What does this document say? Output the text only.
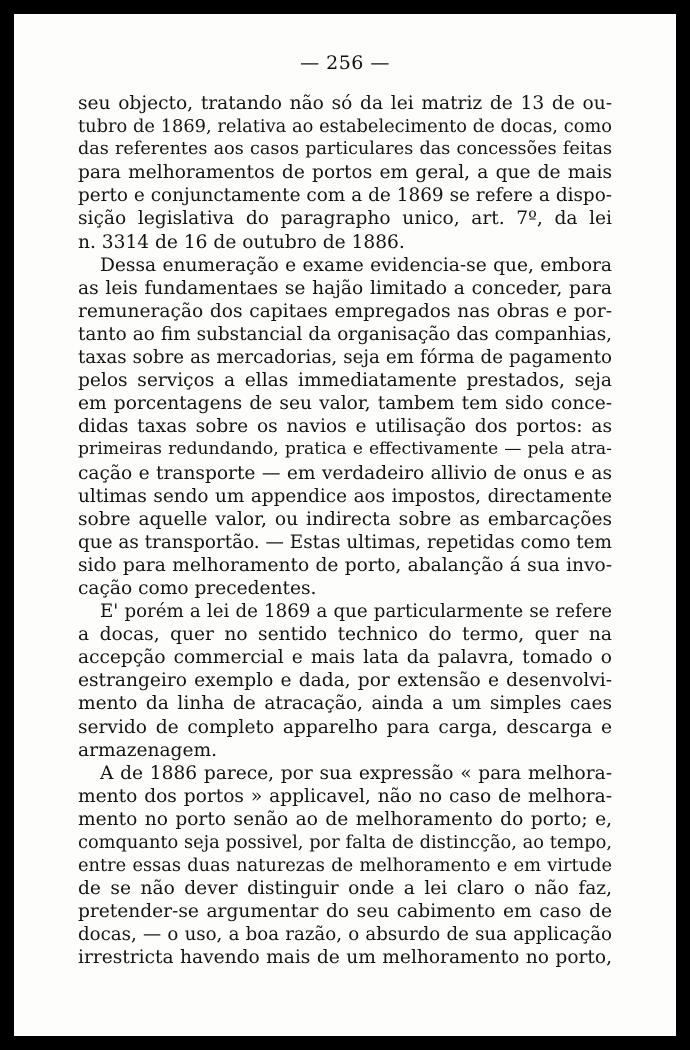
— 256 —
seu objecto, tratando não só da lei matriz de 13 de ou-
tubro de 1869, relativa ao estabelecimento de docas, como
das referentes aos casos particulares das concessões feitas
para melhoramentos de portos em geral, a que de mais
perto e conjunctamente com a de 1869 se refere a dispo-
sição legislativa do paragrapho unico, art. 7º, da lei
n. 3314 de 16 de outubro de 1886.
Dessa enumeração e exame evidencia-se que, embora
as leis fundamentaes se hajão limitado a conceder, para
remuneração dos capitaes empregados nas obras e por-
tanto ao fim substancial da organisação das companhias,
taxas sobre as mercadorias, seja em fórma de pagamento
pelos serviços a ellas immediatamente prestados, seja
em porcentagens de seu valor, tambem tem sido conce-
didas taxas sobre os navios e utilisação dos portos: as
primeiras redundando, pratica e effectivamente — pela atra-
cação e transporte — em verdadeiro allivio de onus e as
ultimas sendo um appendice aos impostos, directamente
sobre aquelle valor, ou indirecta sobre as embarcações
que as transportão. — Estas ultimas, repetidas como tem
sido para melhoramento de porto, abalanção á sua invo-
cação como precedentes.
E' porém a lei de 1869 a que particularmente se refere
a docas, quer no sentido technico do termo, quer na
accepção commercial e mais lata da palavra, tomado o
estrangeiro exemplo e dada, por extensão e desenvolvi-
mento da linha de atracação, ainda a um simples caes
servido de completo apparelho para carga, descarga e
armazenagem.
A de 1886 parece, por sua expressão « para melhora-
mento dos portos » applicavel, não no caso de melhora-
mento no porto senão ao de melhoramento do porto; e,
comquanto seja possivel, por falta de distincção, ao tempo,
entre essas duas naturezas de melhoramento e em virtude
de se não dever distinguir onde a lei claro o não faz,
pretender-se argumentar do seu cabimento em caso de
docas, — o uso, a boa razão, o absurdo de sua applicação
irrestricta havendo mais de um melhoramento no porto,
